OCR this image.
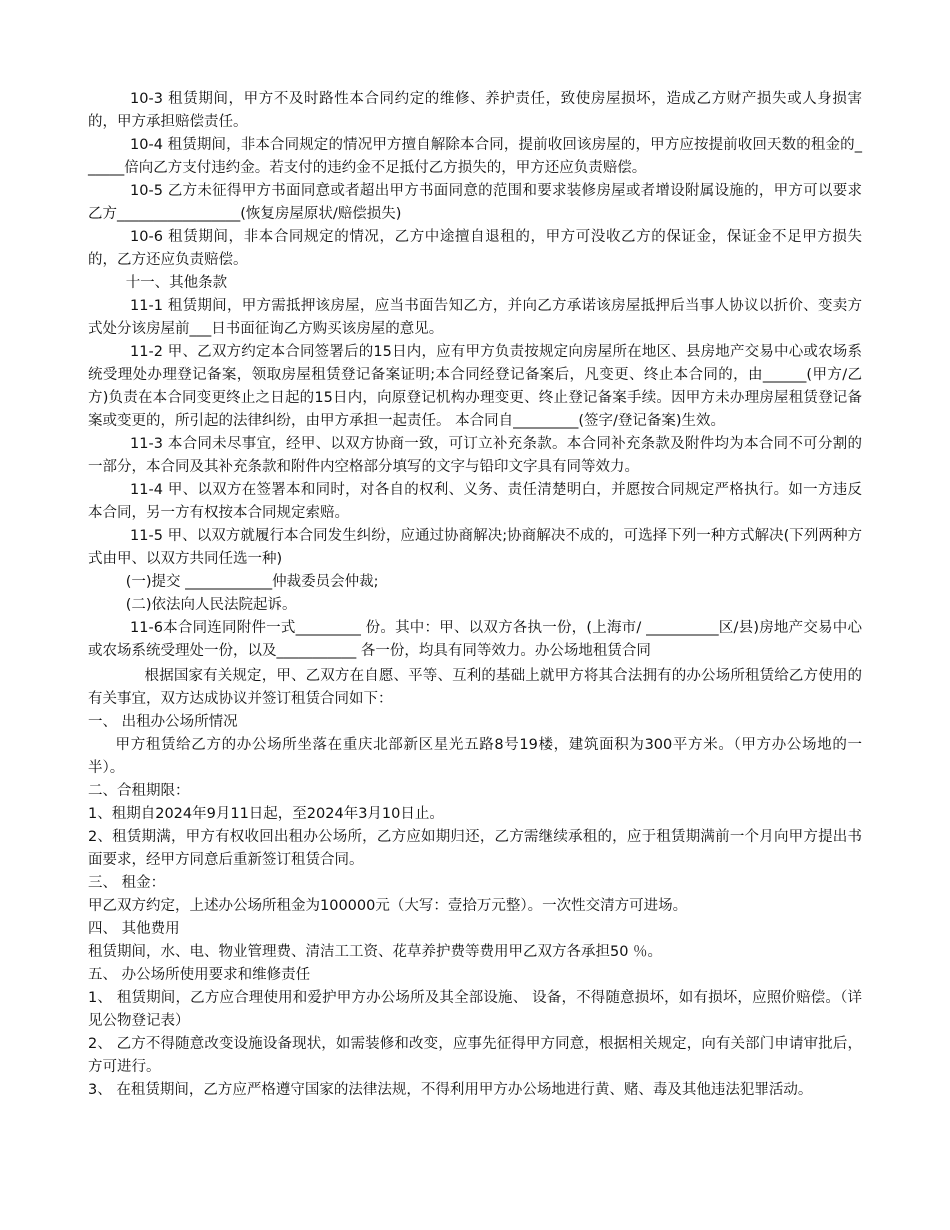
10-3 租赁期间，甲方不及时路性本合同约定的维修、养护责任，致使房屋损坏，造成乙方财产损失或人身损害的，甲方承担赔偿责任。

10-4 租赁期间，非本合同规定的情况甲方擅自解除本合同，提前收回该房屋的，甲方应按提前收回天数的租金的______倍向乙方支付违约金。若支付的违约金不足抵付乙方损失的，甲方还应负责赔偿。

10-5 乙方未征得甲方书面同意或者超出甲方书面同意的范围和要求装修房屋或者增设附属设施的，甲方可以要求乙方_________________(恢复房屋原状/赔偿损失)

10-6 租赁期间，非本合同规定的情况，乙方中途擅自退租的，甲方可没收乙方的保证金，保证金不足甲方损失的，乙方还应负责赔偿。

十一、其他条款

11-1 租赁期间，甲方需抵押该房屋，应当书面告知乙方，并向乙方承诺该房屋抵押后当事人协议以折价、变卖方式处分该房屋前___日书面征询乙方购买该房屋的意见。

11-2 甲、乙双方约定本合同签署后的15日内，应有甲方负责按规定向房屋所在地区、县房地产交易中心或农场系统受理处办理登记备案，领取房屋租赁登记备案证明;本合同经登记备案后，凡变更、终止本合同的，由______(甲方/乙方)负责在本合同变更终止之日起的15日内，向原登记机构办理变更、终止登记备案手续。因甲方未办理房屋租赁登记备案或变更的，所引起的法律纠纷，由甲方承担一起责任。 本合同自_________(签字/登记备案)生效。

11-3 本合同未尽事宜，经甲、以双方协商一致，可订立补充条款。本合同补充条款及附件均为本合同不可分割的一部分，本合同及其补充条款和附件内空格部分填写的文字与铅印文字具有同等效力。

11-4 甲、以双方在签署本和同时，对各自的权利、义务、责任清楚明白，并愿按合同规定严格执行。如一方违反本合同，另一方有权按本合同规定索赔。

11-5 甲、以双方就履行本合同发生纠纷，应通过协商解决;协商解决不成的，可选择下列一种方式解决(下列两种方式由甲、以双方共同任选一种)

(一)提交 ____________仲裁委员会仲裁;

(二)依法向人民法院起诉。

11-6本合同连同附件一式_________ 份。其中：甲、以双方各执一份，(上海市/ __________区/县)房地产交易中心或农场系统受理处一份，以及___________ 各一份，均具有同等效力。办公场地租赁合同

根据国家有关规定，甲、乙双方在自愿、平等、互利的基础上就甲方将其合法拥有的办公场所租赁给乙方使用的有关事宜，双方达成协议并签订租赁合同如下：

一、 出租办公场所情况

甲方租赁给乙方的办公场所坐落在重庆北部新区星光五路8号19楼，建筑面积为300平方米。（甲方办公场地的一半）。

二、合租期限：

1、租期自2024年9月11日起，至2024年3月10日止。

2、租赁期满，甲方有权收回出租办公场所，乙方应如期归还，乙方需继续承租的，应于租赁期满前一个月向甲方提出书面要求，经甲方同意后重新签订租赁合同。

三、 租金：

甲乙双方约定，上述办公场所租金为100000元（大写：壹拾万元整）。一次性交清方可进场。

四、 其他费用

租赁期间，水、电、物业管理费、清洁工工资、花草养护费等费用甲乙双方各承担50 ％。

五、 办公场所使用要求和维修责任

1、 租赁期间，乙方应合理使用和爱护甲方办公场所及其全部设施、 设备，不得随意损坏，如有损坏，应照价赔偿。（详见公物登记表）

2、 乙方不得随意改变设施设备现状，如需装修和改变，应事先征得甲方同意，根据相关规定，向有关部门申请审批后，方可进行。

3、 在租赁期间，乙方应严格遵守国家的法律法规，不得利用甲方办公场地进行黄、赌、毒及其他违法犯罪活动。
